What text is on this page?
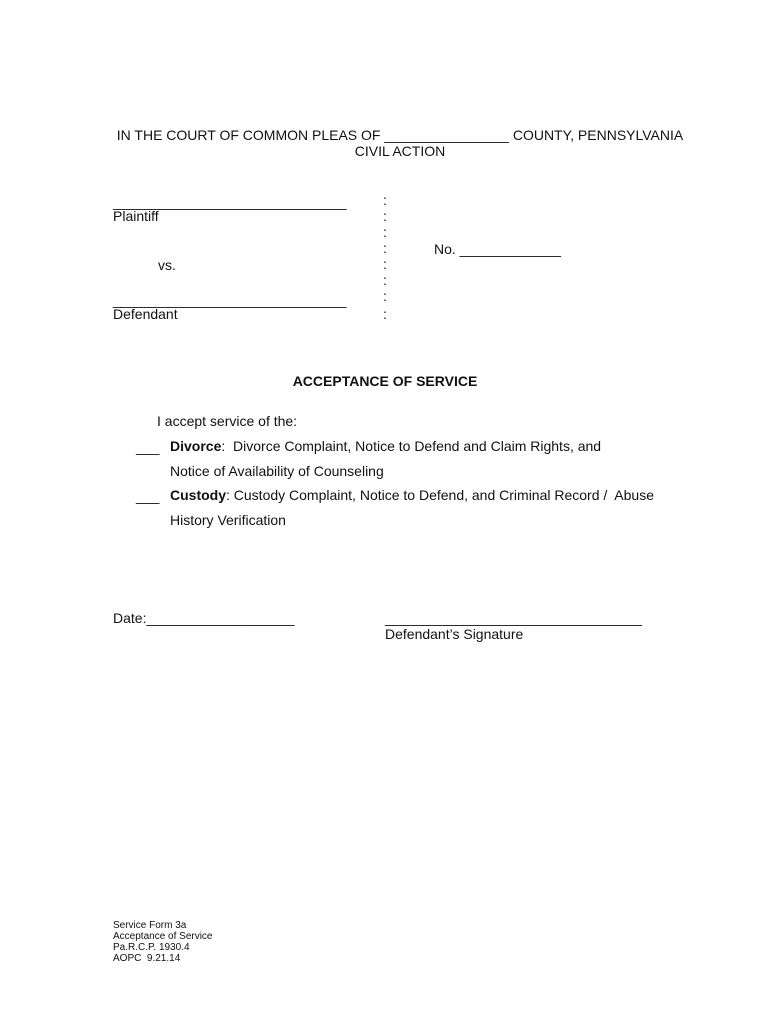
IN THE COURT OF COMMON PLEAS OF ________________ COUNTY, PENNSYLVANIA
CIVIL ACTION
______________________________
Plaintiff
vs.
______________________________
Defendant
:
:
:
:
:
:
:
:
No. _____________
ACCEPTANCE OF SERVICE
I accept service of the:
___ Divorce:  Divorce Complaint, Notice to Defend and Claim Rights, and
Notice of Availability of Counseling
___ Custody: Custody Complaint, Notice to Defend, and Criminal Record /  Abuse
History Verification
Date:___________________	_________________________________
Defendant’s Signature
Service Form 3a
Acceptance of Service
Pa.R.C.P. 1930.4
AOPC  9.21.14
